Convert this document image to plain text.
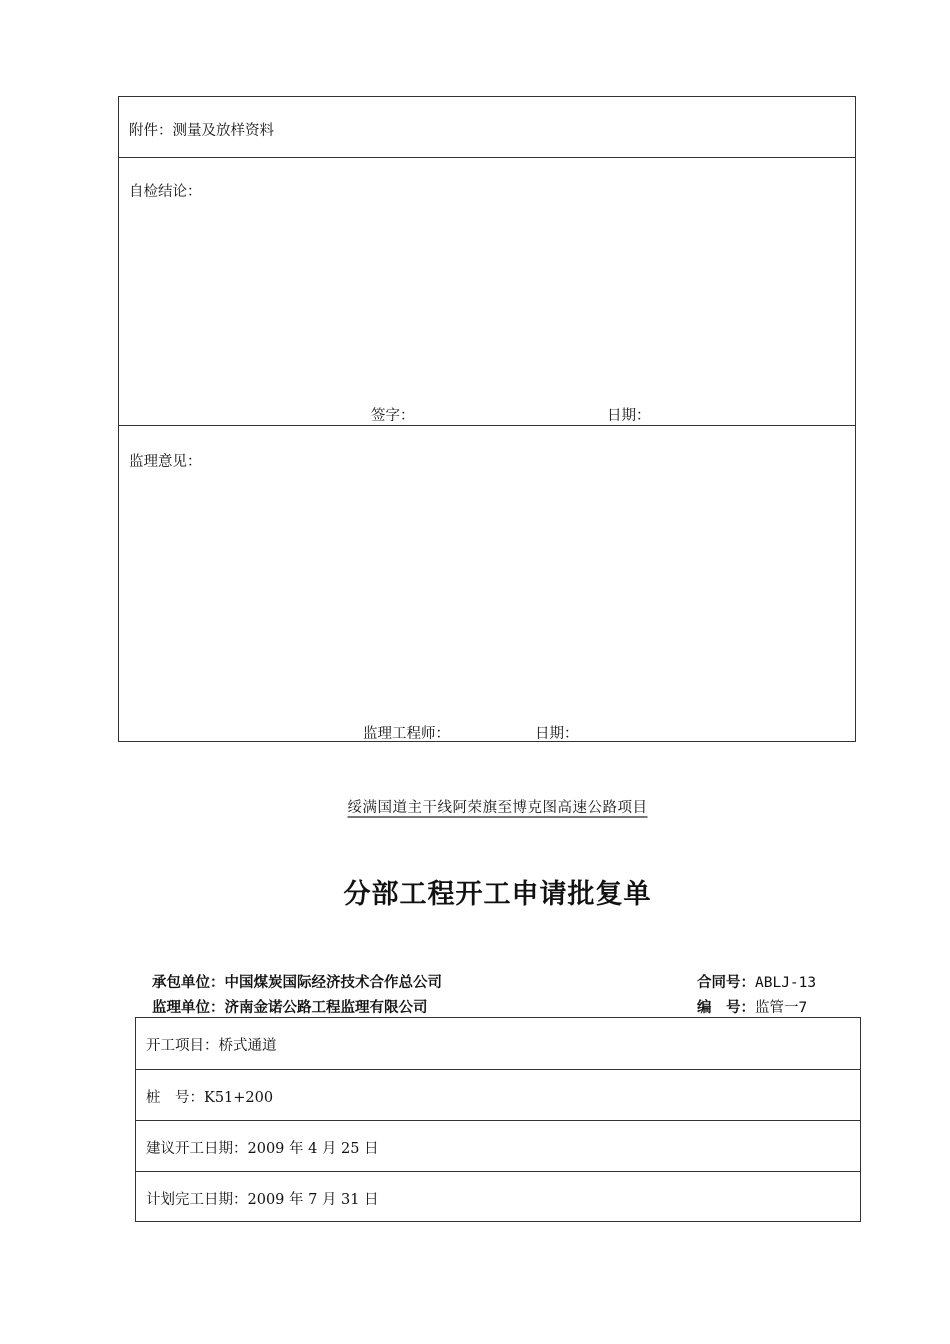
附件：测量及放样资料
自检结论：
签字：	日期：
监理意见：
监理工程师：	日期：
绥满国道主干线阿荣旗至博克图高速公路项目
分部工程开工申请批复单
承包单位：中国煤炭国际经济技术合作总公司	合同号：ABLJ-13
监理单位：济南金诺公路工程监理有限公司	编　号：监管一7
开工项目：桥式通道
桩　号：K51+200
建议开工日期：2009 年 4 月 25 日
计划完工日期：2009 年 7 月 31 日
